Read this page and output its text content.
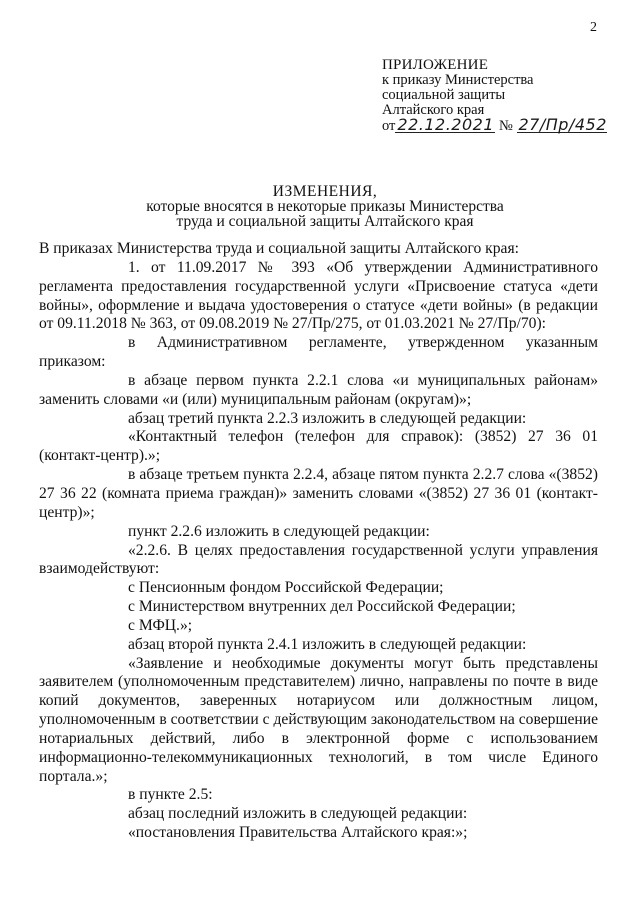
2
ПРИЛОЖЕНИЕ
к приказу Министерства
социальной защиты
Алтайского края
от 22.12.2021 № 27/Пр/452
ИЗМЕНЕНИЯ,
которые вносятся в некоторые приказы Министерства
труда и социальной защиты Алтайского края

В приказах Министерства труда и социальной защиты Алтайского края:

1. от 11.09.2017 № 393 «Об утверждении Административного регламента предоставления государственной услуги «Присвоение статуса «дети войны», оформление и выдача удостоверения о статусе «дети войны» (в редакции от 09.11.2018 № 363, от 09.08.2019 № 27/Пр/275, от 01.03.2021 № 27/Пр/70):

в Административном регламенте, утвержденном указанным приказом:

в абзаце первом пункта 2.2.1 слова «и муниципальных районам» заменить словами «и (или) муниципальным районам (округам)»;

абзац третий пункта 2.2.3 изложить в следующей редакции:

«Контактный телефон (телефон для справок): (3852) 27 36 01 (контакт-центр).»;

в абзаце третьем пункта 2.2.4, абзаце пятом пункта 2.2.7 слова «(3852) 27 36 22 (комната приема граждан)» заменить словами «(3852) 27 36 01 (контакт-центр)»;

пункт 2.2.6 изложить в следующей редакции:

«2.2.6. В целях предоставления государственной услуги управления взаимодействуют:

с Пенсионным фондом Российской Федерации;

с Министерством внутренних дел Российской Федерации;

с МФЦ.»;

абзац второй пункта 2.4.1 изложить в следующей редакции:

«Заявление и необходимые документы могут быть представлены заявителем (уполномоченным представителем) лично, направлены по почте в виде копий документов, заверенных нотариусом или должностным лицом, уполномоченным в соответствии с действующим законодательством на совершение нотариальных действий, либо в электронной форме с использованием информационно-телекоммуникационных технологий, в том числе Единого портала.»;

в пункте 2.5:

абзац последний изложить в следующей редакции:

«постановления Правительства Алтайского края:»;
